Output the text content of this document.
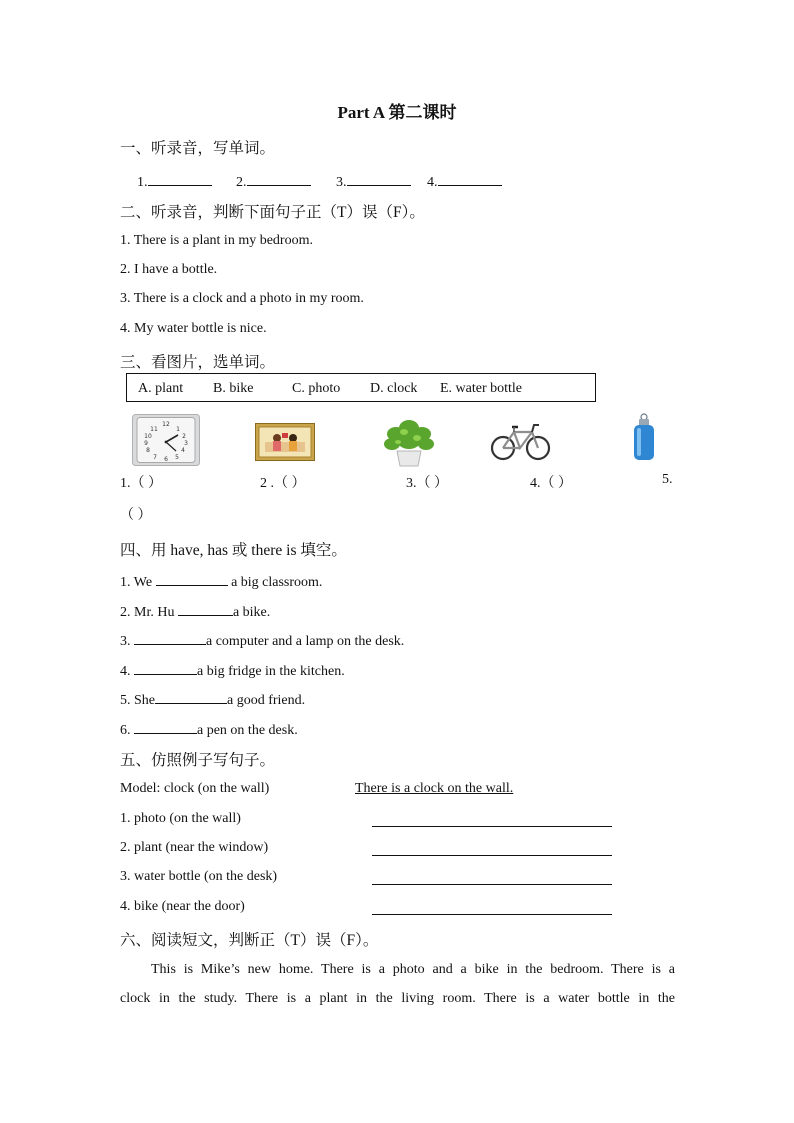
Part A 第二课时
一、听录音，写单词。
1.	2.	3.	4.
二、听录音，判断下面句子正（T）误（F）。
1. There is a plant in my bedroom.
2. I have a bottle.
3. There is a clock and a photo in my room.
4. My water bottle is nice.
三、看图片，选单词。
A. plant B. bike	C. photo D. clock E. water bottle
12
1
2
3
4
5
6
7
8
9
10
11
1.（ ）	2 .（ ）	3.（ ）	4.（ ）	5.
（ ）
四、用 have, has 或 there is 填空。
1. We	a big classroom.
2. Mr. Hu	a bike.
3.	a computer and a lamp on the desk.
4.	a big fridge in the kitchen.
5. She	a good friend.
6.	a pen on the desk.
五、仿照例子写句子。
Model: clock (on the wall)	There is a clock on the wall.
1. photo (on the wall)
2. plant (near the window)
3. water bottle (on the desk)
4. bike (near the door)
六、阅读短文，判断正（T）误（F）。
This is Mike’s new home. There is a photo and a bike in the bedroom. There is a
clock in the study. There is a plant in the living room. There is a water bottle in the
